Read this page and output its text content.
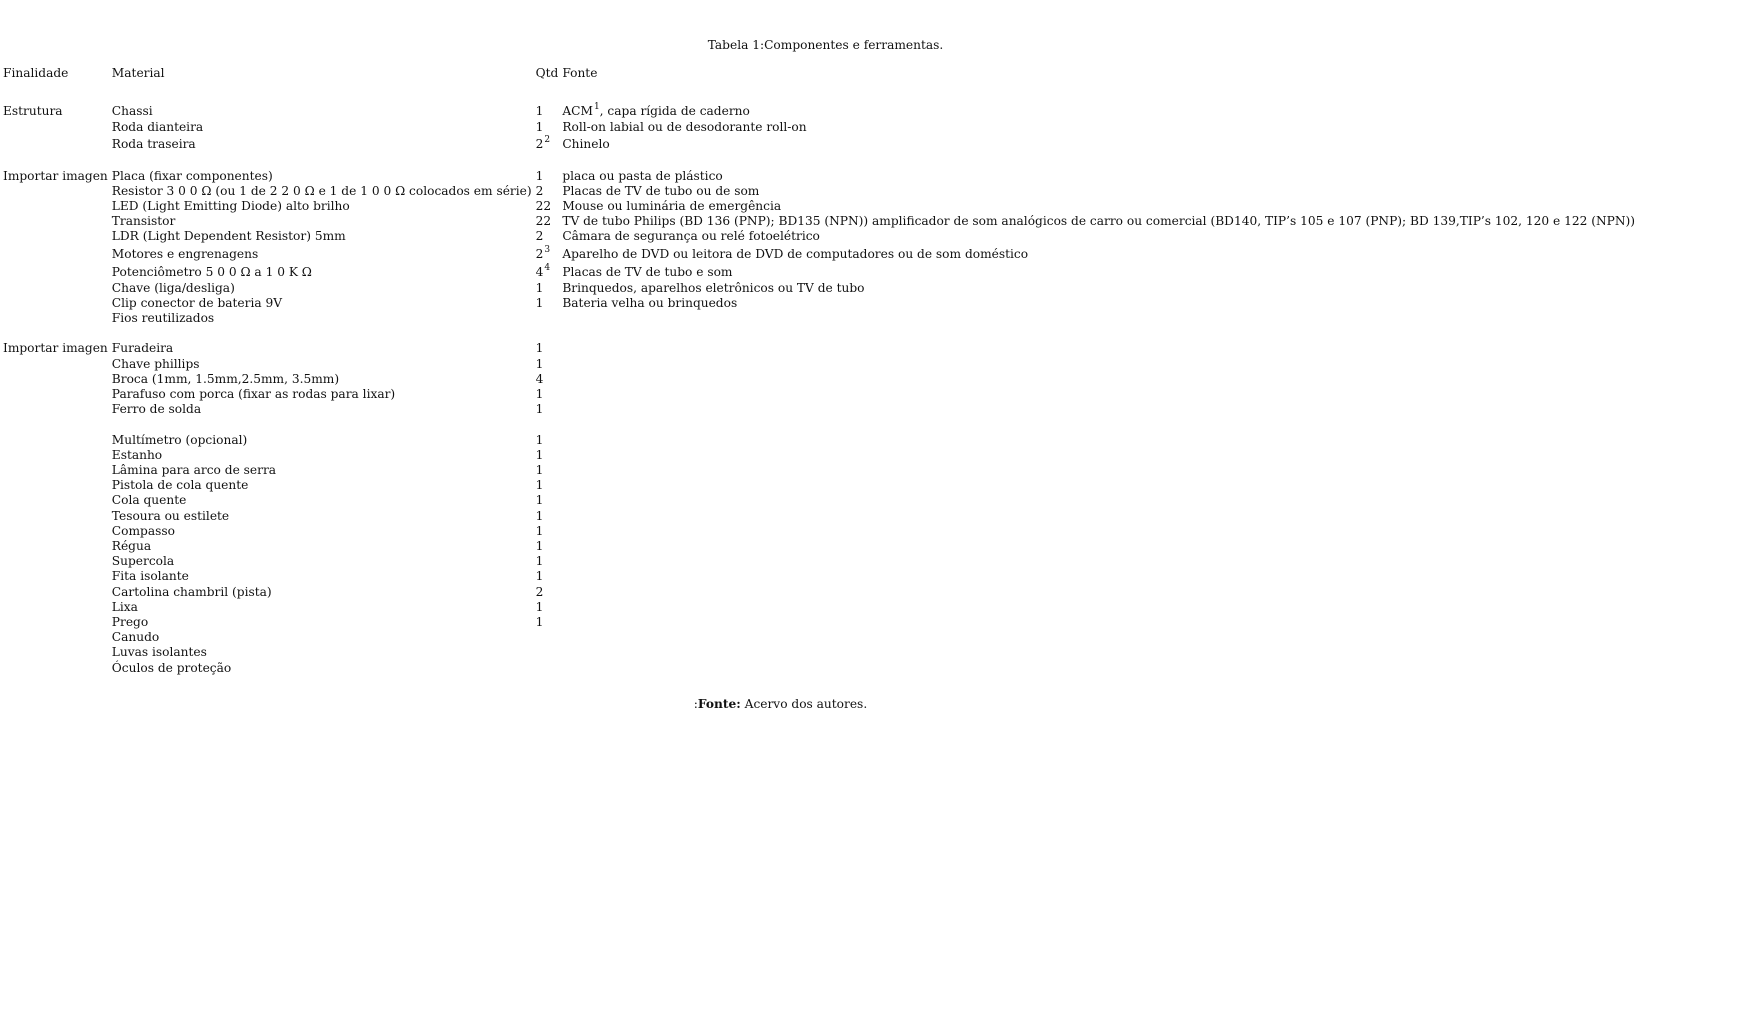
Tabela 1:Componentes e ferramentas.
Finalidade	Material	Qtd	Fonte

Estrutura	Chassi	1	ACM$^1$, capa rígida de caderno
	Roda dianteira	1	Roll-on labial ou de desodorante roll-on
	Roda traseira	$2^2$	Chinelo

Importar imagen	Placa (fixar componentes)	1	placa ou pasta de plástico
	Resistor 3 0 0 Ω (ou 1 de 2 2 0 Ω e 1 de 1 0 0 Ω colocados em série)	2	Placas de TV de tubo ou de som
	LED (Light Emitting Diode) alto brilho	22	Mouse ou luminária de emergência
	Transistor	22	TV de tubo Philips (BD 136 (PNP); BD135 (NPN)) amplificador de som analógicos de carro ou comercial (BD140, TIP’s 105 e 107 (PNP); BD 139,TIP’s 102, 120 e 122 (NPN))
	LDR (Light Dependent Resistor) 5mm	2	Câmara de segurança ou relé fotoelétrico
	Motores e engrenagens	$2^3$	Aparelho de DVD ou leitora de DVD de computadores ou de som doméstico
	Potenciômetro 5 0 0 Ω a 1 0 K Ω	$4^4$	Placas de TV de tubo e som
	Chave (liga/desliga)	1	Brinquedos, aparelhos eletrônicos ou TV de tubo
	Clip conector de bateria 9V	1	Bateria velha ou brinquedos
	Fios reutilizados		

Importar imagen	Furadeira	1	
	Chave phillips	1	
	Broca (1mm, 1.5mm,2.5mm, 3.5mm)	4	
	Parafuso com porca (fixar as rodas para lixar)	1	
	Ferro de solda	1	

	Multímetro (opcional)	1	
	Estanho	1	
	Lâmina para arco de serra	1	
	Pistola de cola quente	1	
	Cola quente	1	
	Tesoura ou estilete	1	
	Compasso	1	
	Régua	1	
	Supercola	1	
	Fita isolante	1	
	Cartolina chambril (pista)	2	
	Lixa	1	
	Prego	1	
	Canudo		
	Luvas isolantes		
	Óculos de proteção		
:Fonte: Acervo dos autores.
